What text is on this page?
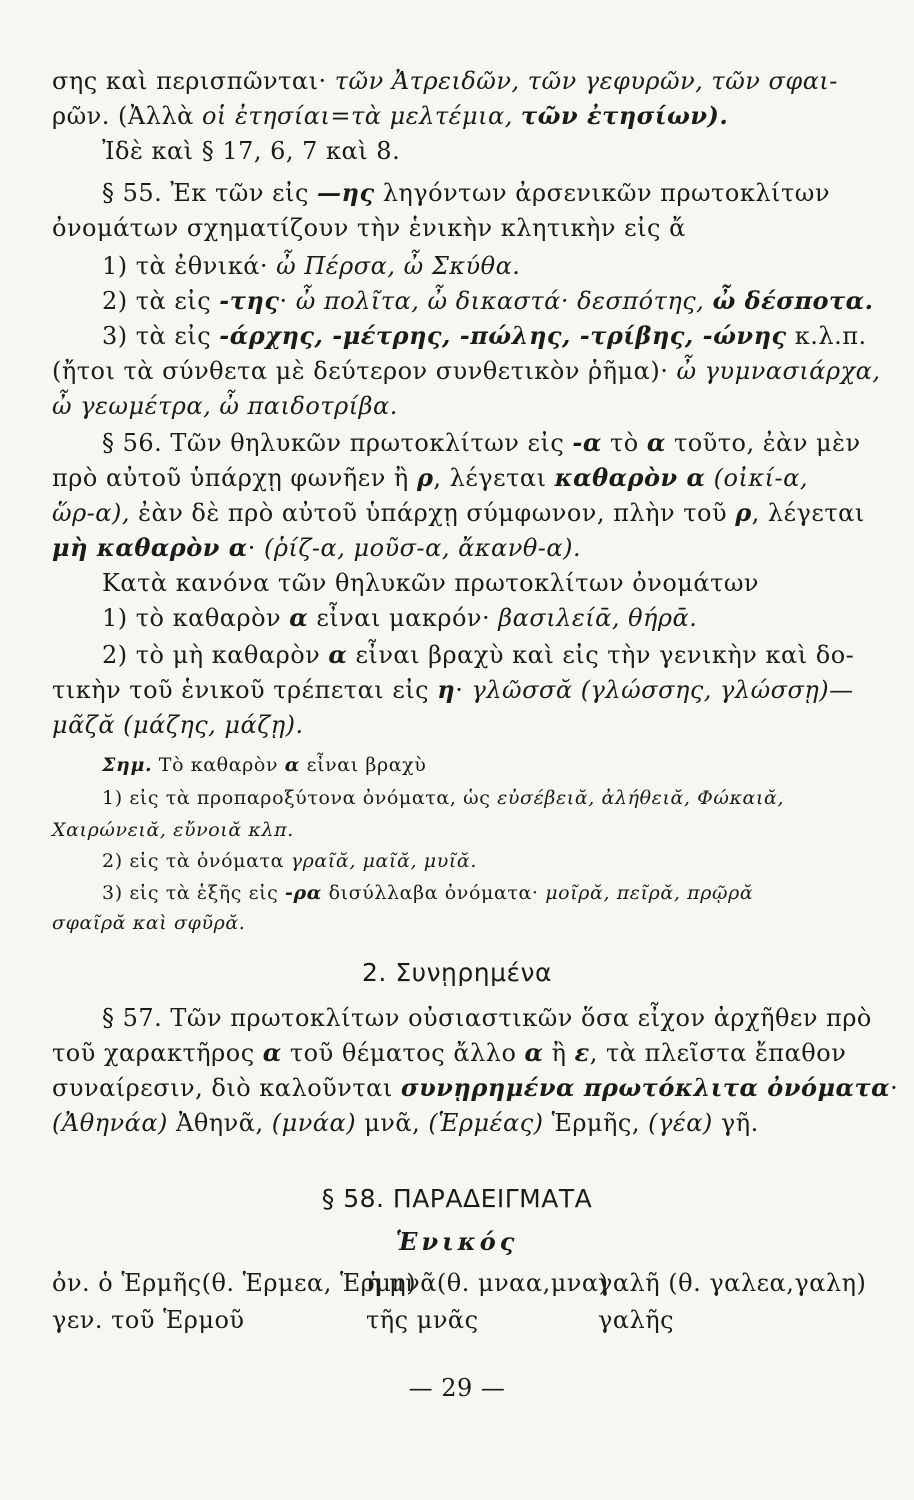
σης καὶ περισπῶνται· τῶν Ἀτρειδῶν, τῶν γεφυρῶν, τῶν σφαι-
ρῶν. (Ἀλλὰ οἱ ἐτησίαι=τὰ μελτέμια, τῶν ἐτησίων).
Ἰδὲ καὶ § 17, 6, 7 καὶ 8.
§ 55. Ἐκ τῶν εἰς —ης ληγόντων ἀρσενικῶν πρωτοκλίτων
ὀνομάτων σχηματίζουν τὴν ἑνικὴν κλητικὴν εἰς ἄ
1) τὰ ἐθνικά· ὦ Πέρσα, ὦ Σκύθα.
2) τὰ εἰς -της· ὦ πολῖτα, ὦ δικαστά· δεσπότης, ὦ δέσποτα.
3) τὰ εἰς -άρχης, -μέτρης, -πώλης, -τρίβης, -ώνης κ.λ.π.
(ἤτοι τὰ σύνθετα μὲ δεύτερον συνθετικὸν ῥῆμα)· ὦ γυμνασιάρχα,
ὦ γεωμέτρα, ὦ παιδοτρίβα.
§ 56. Τῶν θηλυκῶν πρωτοκλίτων εἰς -α τὸ α τοῦτο, ἐὰν μὲν
πρὸ αὐτοῦ ὑπάρχῃ φωνῆεν ἢ ρ, λέγεται καθαρὸν α (οἰκί-α,
ὥρ-α), ἐὰν δὲ πρὸ αὐτοῦ ὑπάρχῃ σύμφωνον, πλὴν τοῦ ρ, λέγεται
μὴ καθαρὸν α· (ῥίζ-α, μοῦσ-α, ἄκανθ-α).
Κατὰ κανόνα τῶν θηλυκῶν πρωτοκλίτων ὀνομάτων
1) τὸ καθαρὸν α εἶναι μακρόν· βασιλείᾱ, θήρᾱ.
2) τὸ μὴ καθαρὸν α εἶναι βραχὺ καὶ εἰς τὴν γενικὴν καὶ δο-
τικὴν τοῦ ἑνικοῦ τρέπεται εἰς η· γλῶσσᾰ (γλώσσης, γλώσσῃ)—
μᾶζᾰ (μάζης, μάζῃ).
Σημ. Τὸ καθαρὸν α εἶναι βραχὺ
1) εἰς τὰ προπαροξύτονα ὀνόματα, ὡς εὐσέβειᾰ, ἀλήθειᾰ, Φώκαιᾰ,
Χαιρώνειᾰ, εὔνοιᾰ κλπ.
2) εἰς τὰ ὀνόματα γραῖᾰ, μαῖᾰ, μυῖᾰ.
3) εἰς τὰ ἑξῆς εἰς -ρα δισύλλαβα ὀνόματα· μοῖρᾰ, πεῖρᾰ, πρῷρᾰ
σφαῖρᾰ καὶ σφῦρᾰ.
2. Συνῃρημένα
§ 57. Τῶν πρωτοκλίτων οὐσιαστικῶν ὅσα εἶχον ἀρχῆθεν πρὸ
τοῦ χαρακτῆρος α τοῦ θέματος ἄλλο α ἢ ε, τὰ πλεῖστα ἔπαθον
συναίρεσιν, διὸ καλοῦνται συνῃρημένα πρωτόκλιτα ὀνόματα·
(Ἀθηνάα) Ἀθηνᾶ, (μνάα) μνᾶ, (Ἑρμέας) Ἑρμῆς, (γέα) γῆ.
§ 58. ΠΑΡΑΔΕΙΓΜΑΤΑ
Ἑνικός
ὀν. ὁ Ἑρμῆς(θ. Ἑρμεα, Ἑρμη)
ἡ μνᾶ(θ. μναα,μνα)
γαλῆ (θ. γαλεα,γαλη)
γεν. τοῦ Ἑρμοῦ	τῆς μνᾶς	γαλῆς
— 29 —
